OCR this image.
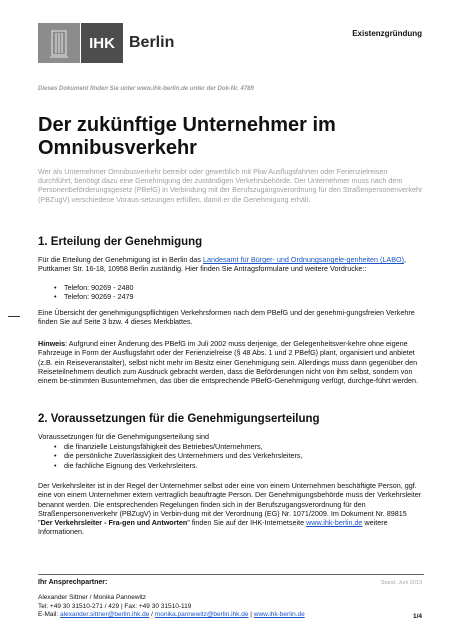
IHK Berlin
Existenzgründung
Dieses Dokument finden Sie unter www.ihk-berlin.de unter der Dok-Nr. 4789
Der zukünftige Unternehmer im Omnibusverkehr

Wer als Unternehmer Omnibusverkehr betreibt oder gewerblich mit Pkw Ausflugsfahrten oder Ferienzielreisen durchführt, benötigt dazu eine Genehmigung der zuständigen Verkehrsbehörde. Der Unternehmer muss nach dem Personenbeförderungsgesetz (PBefG) in Verbindung mit der Berufszugangsverordnung für den Straßenpersonenverkehr (PBZugV) verschiedene Voraus-setzungen erfüllen, damit er die Genehmigung erhält.

1. Erteilung der Genehmigung

Für die Erteilung der Genehmigung ist in Berlin das Landesamt für Bürger- und Ordnungsangele-genheiten (LABO), Puttkamer Str. 16-18, 10958 Berlin zuständig. Hier finden Sie Antragsformulare und weitere Vordrucke::

• Telefon: 90269 - 2480
• Telefon: 90269 - 2479

Eine Übersicht der genehmigungspflichtigen Verkehrsformen nach dem PBefG und der genehmi-gungsfreien Verkehre finden Sie auf Seite 3 bzw. 4 dieses Merkblattes.

Hinweis: Aufgrund einer Änderung des PBefG im Juli 2002 muss derjenige, der Gelegenheitsver-kehre ohne eigene Fahrzeuge in Form der Ausflugsfahrt oder der Ferienzielreise (§ 48 Abs. 1 und 2 PBefG) plant, organisiert und anbietet (z.B. ein Reiseveranstalter), selbst nicht mehr im Besitz einer Genehmigung sein. Allerdings muss dann gegenüber den Reiseteilnehmern deutlich zum Ausdruck gebracht werden, dass die Beförderungen nicht von ihm selbst, sondern von einem be-stimmten Busunternehmen, das über die entsprechende PBefG-Genehmigung verfügt, durchge-führt werden.

2. Voraussetzungen für die Genehmigungserteilung

Voraussetzungen für die Genehmigungserteilung sind

• die finanzielle Leistungsfähigkeit des Betriebes/Unternehmers,
• die persönliche Zuverlässigkeit des Unternehmers und des Verkehrsleiters,
• die fachliche Eignung des Verkehrsleiters.

Der Verkehrsleiter ist in der Regel der Unternehmer selbst oder eine von einem Unternehmen beschäftigte Person, ggf. eine von einem Unternehmer extern vertraglich beauftragte Person. Der Genehmigungsbehörde muss der Verkehrsleiter benannt werden. Die entsprechenden Regelungen finden sich in der Berufszugangsverordnung für den Straßenpersonenverkehr (PBZugV) in Verbin-dung mit der Verordnung (EG) Nr. 1071/2009. Im Dokument Nr. 89815 "Der Verkehrsleiter - Fra-gen und Antworten" finden Sie auf der IHK-Internetseite www.ihk-berlin.de weitere Informationen.

Ihr Ansprechpartner:	Stand: Juni 2013
Alexander Sittner / Monika Pannewitz
Tel: +49 30 31510-271 / 429 | Fax: +49 30 31510-119
E-Mail: alexander.sittner@berlin.ihk.de / monika.pannewitz@berlin.ihk.de | www.ihk-berlin.de	1/4
